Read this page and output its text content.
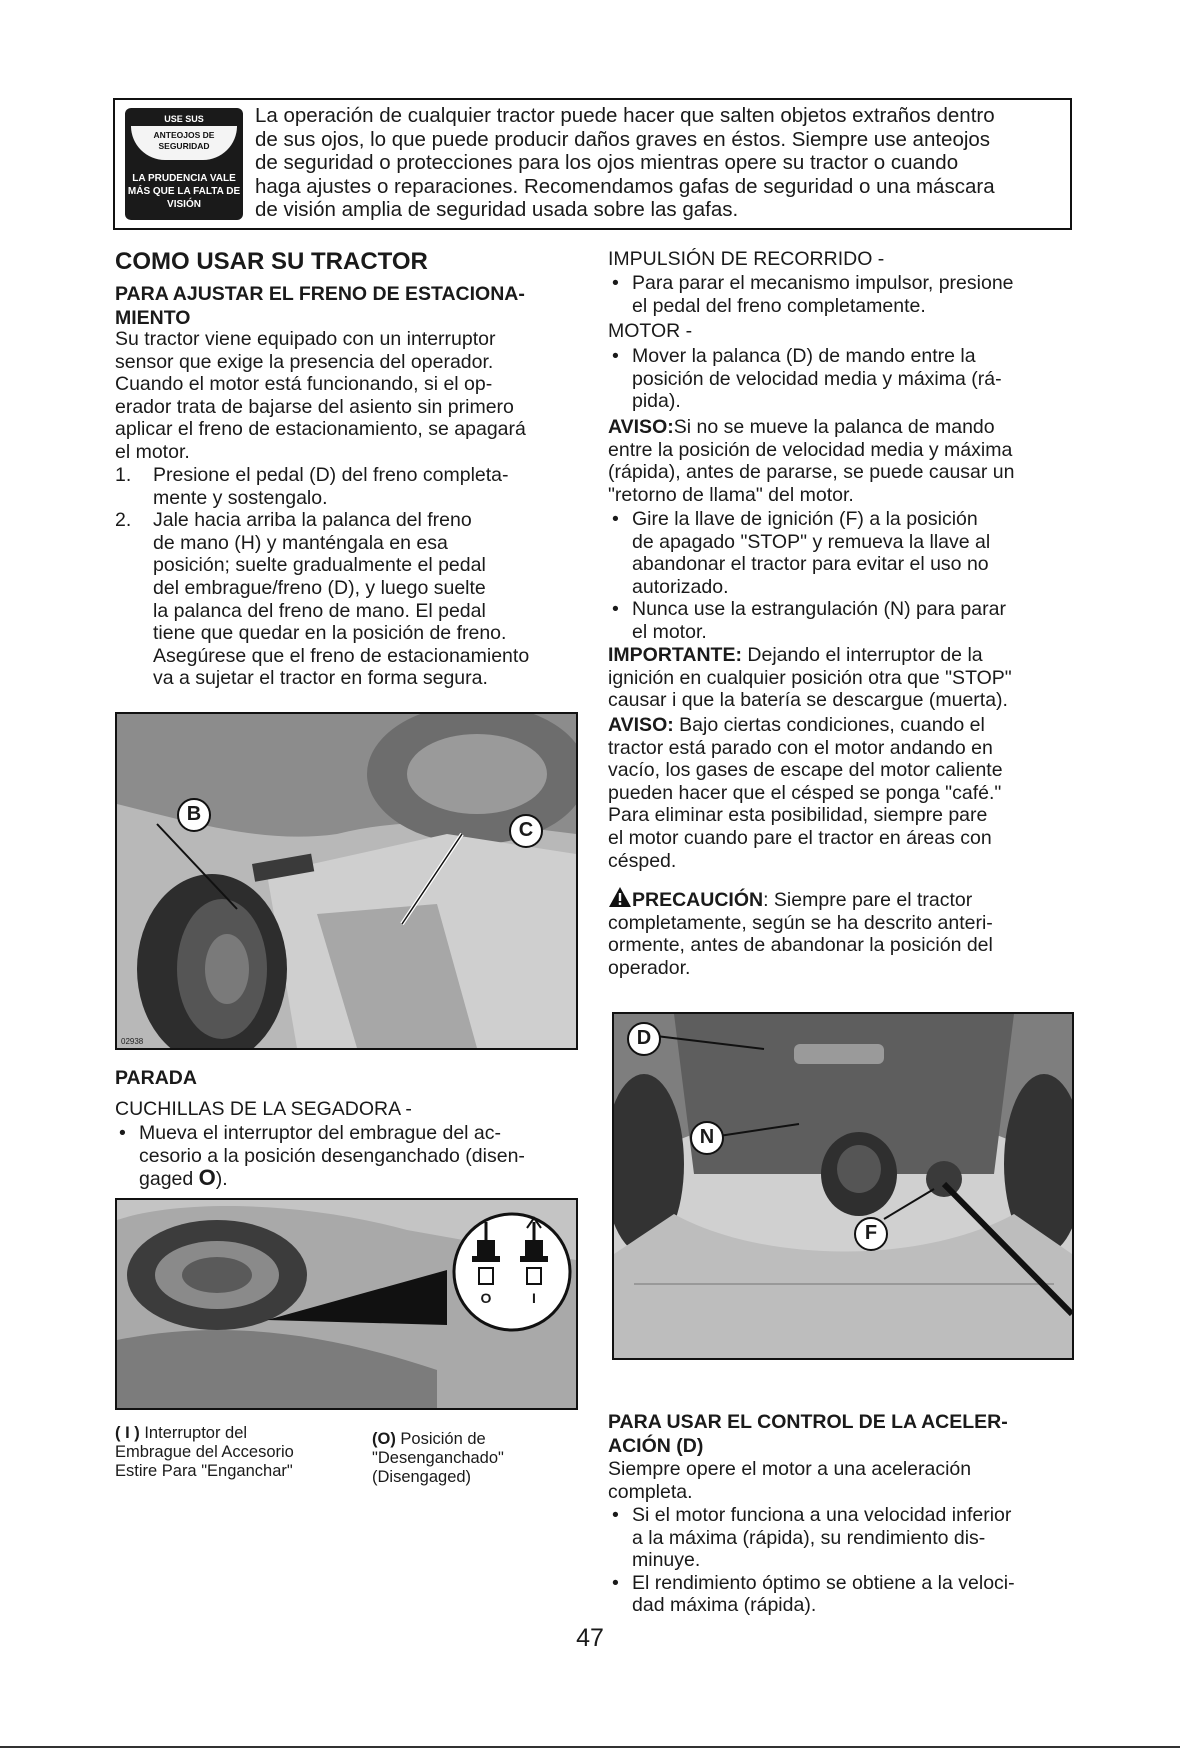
USE SUS
ANTEOJOS DE SEGURIDAD
LA PRUDENCIA VALE MÁS QUE LA FALTA DE VISIÓN
La operación de cualquier tractor puede hacer que salten objetos extraños dentro
de sus ojos, lo que puede producir daños graves en éstos. Siempre use anteojos
de seguridad o protecciones para los ojos mientras opere su tractor o cuando
haga ajustes o reparaciones. Recomendamos gafas de seguridad o una máscara
de visión amplia de seguridad usada sobre las gafas.
COMO USAR SU TRACTOR
PARA AJUSTAR EL FRENO DE ESTACIONA-
MIENTO
Su tractor viene equipado con un interruptor
sensor que exige la presencia del operador.
Cuando el motor está funcionando, si el op-
erador trata de bajarse del asiento sin primero
aplicar el freno de estacionamiento, se apagará
el motor.
1. Presione el pedal (D) del freno completa-
mente y sostengalo.
2. Jale hacia arriba la palanca del freno
de mano (H) y manténgala en esa
posición; suelte gradualmente el pedal
del embrague/freno (D), y luego suelte
la palanca del freno de mano. El pedal
tiene que quedar en la posición de freno.
Asegúrese que el freno de estacionamiento
va a sujetar el tractor en forma segura.
B
C
02938
PARADA
CUCHILLAS DE LA SEGADORA -
• Mueva el interruptor del embrague del ac-
cesorio a la posición desenganchado (disen-
gaged O).
O	I
( I ) Interruptor del
Embrague del Accesorio
Estire Para "Enganchar"
(O) Posición de
"Desenganchado"
(Disengaged)
IMPULSIÓN DE RECORRIDO -
• Para parar el mecanismo impulsor, presione
el pedal del freno completamente.
MOTOR -
• Mover la palanca (D) de mando entre la
posición de velocidad media y máxima (rá-
pida).
AVISO:Si no se mueve la palanca de mando
entre la posición de velocidad media y máxima
(rápida), antes de pararse, se puede causar un
"retorno de llama" del motor.
• Gire la llave de ignición (F) a la posición
de apagado "STOP" y remueva la llave al
abandonar el tractor para evitar el uso no
autorizado.
• Nunca use la estrangulación (N) para parar
el motor.
IMPORTANTE: Dejando el interruptor de la
ignición en cualquier posición otra que "STOP"
causar i que la batería se descargue (muerta).
AVISO: Bajo ciertas condiciones, cuando el
tractor está parado con el motor andando en
vacío, los gases de escape del motor caliente
pueden hacer que el césped se ponga "café."
Para eliminar esta posibilidad, siempre pare
el motor cuando pare el tractor en áreas con
césped.
PRECAUCIÓN: Siempre pare el tractor
completamente, según se ha descrito anteri-
ormente, antes de abandonar la posición del
operador.
D
N
F
PARA USAR EL CONTROL DE LA ACELER-
ACIÓN (D)
Siempre opere el motor a una aceleración
completa.
• Si el motor funciona a una velocidad inferior
a la máxima (rápida), su rendimiento dis-
minuye.
• El rendimiento óptimo se obtiene a la veloci-
dad máxima (rápida).
47
